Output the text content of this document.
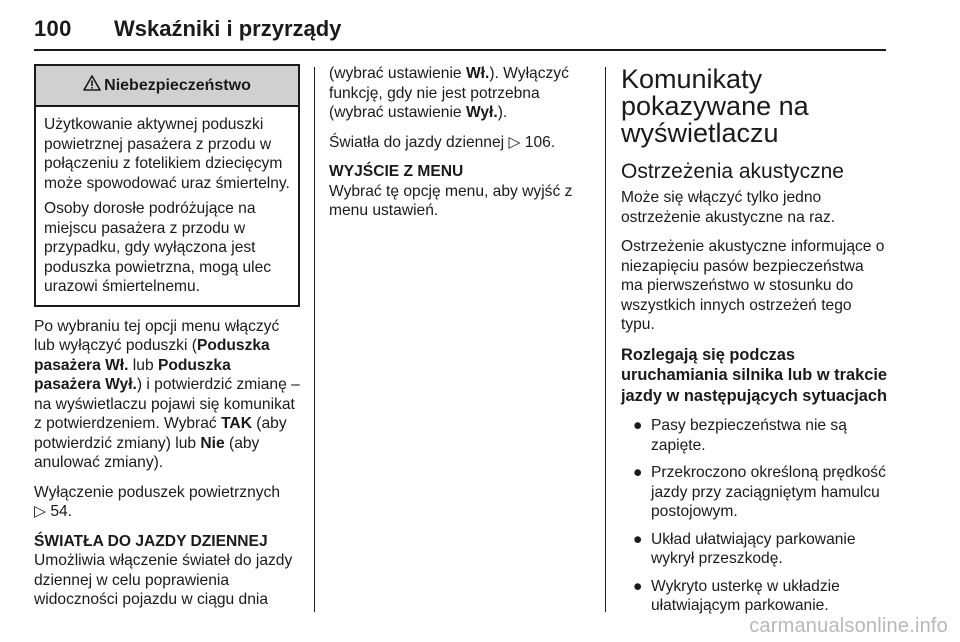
100 Wskaźniki i przyrządy
Niebezpieczeństwo

Użytkowanie aktywnej poduszki powietrznej pasażera z przodu w połączeniu z fotelikiem dziecięcym może spowodować uraz śmiertelny.

Osoby dorosłe podróżujące na miejscu pasażera z przodu w przypadku, gdy wyłączona jest poduszka powietrzna, mogą ulec urazowi śmiertelnemu.

Po wybraniu tej opcji menu włączyć lub wyłączyć poduszki (Poduszka pasażera Wł. lub Poduszka pasażera Wył.) i potwierdzić zmianę – na wyświetlaczu pojawi się komunikat z potwierdzeniem. Wybrać TAK (aby potwierdzić zmiany) lub Nie (aby anulować zmiany).

Wyłączenie poduszek powietrznych
▷ 54.

ŚWIATŁA DO JAZDY DZIENNEJ

Umożliwia włączenie świateł do jazdy dziennej w celu poprawienia widoczności pojazdu w ciągu dnia

(wybrać ustawienie Wł.). Wyłączyć funkcję, gdy nie jest potrzebna (wybrać ustawienie Wył.).

Światła do jazdy dziennej ▷ 106.

WYJŚCIE Z MENU

Wybrać tę opcję menu, aby wyjść z menu ustawień.

Komunikaty
pokazywane na
wyświetlaczu
Ostrzeżenia akustyczne

Może się włączyć tylko jedno ostrzeżenie akustyczne na raz.

Ostrzeżenie akustyczne informujące o niezapięciu pasów bezpieczeństwa ma pierwszeństwo w stosunku do wszystkich innych ostrzeżeń tego typu.

Rozlegają się podczas uruchamiania silnika lub w trakcie jazdy w następujących sytuacjach
● Pasy bezpieczeństwa nie są zapięte.
● Przekroczono określoną prędkość jazdy przy zaciągniętym hamulcu postojowym.
● Układ ułatwiający parkowanie wykrył przeszkodę.
● Wykryto usterkę w układzie ułatwiającym parkowanie.
carmanualsonline.info
